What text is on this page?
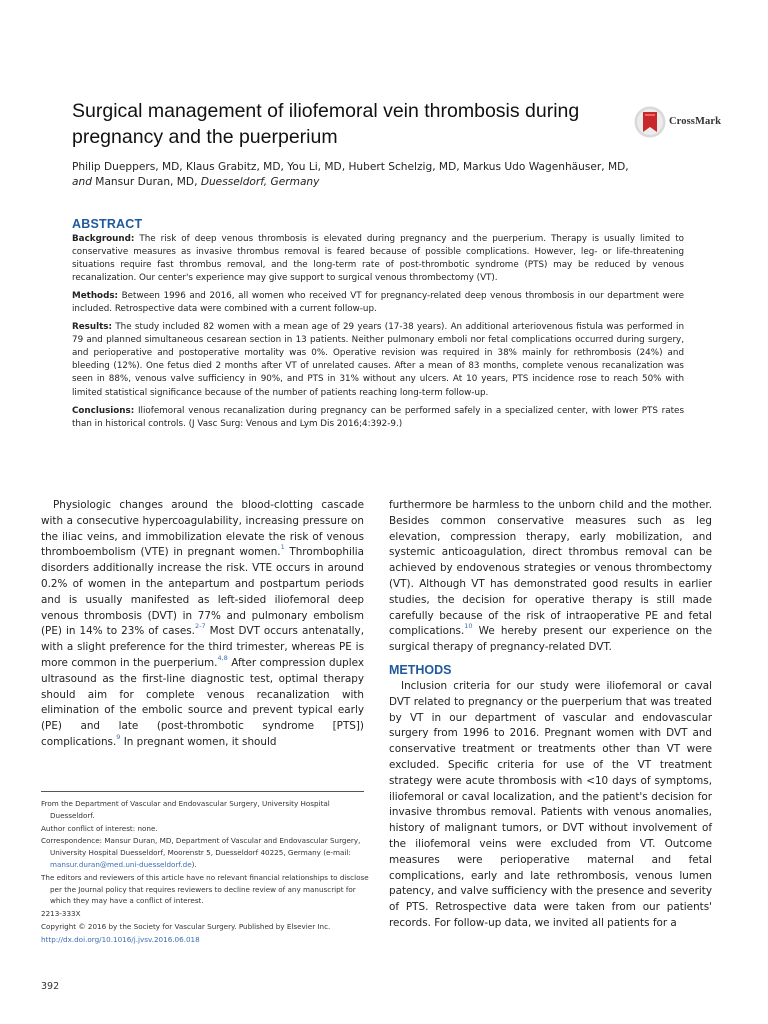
Surgical management of iliofemoral vein thrombosis during pregnancy and the puerperium
CrossMark
Philip Dueppers, MD, Klaus Grabitz, MD, You Li, MD, Hubert Schelzig, MD, Markus Udo Wagenhäuser, MD,
and Mansur Duran, MD, Duesseldorf, Germany
ABSTRACT

Background: The risk of deep venous thrombosis is elevated during pregnancy and the puerperium. Therapy is usually limited to conservative measures as invasive thrombus removal is feared because of possible complications. However, leg- or life-threatening situations require fast thrombus removal, and the long-term rate of post-thrombotic syndrome (PTS) may be reduced by venous recanalization. Our center's experience may give support to surgical venous thrombectomy (VT).

Methods: Between 1996 and 2016, all women who received VT for pregnancy-related deep venous thrombosis in our department were included. Retrospective data were combined with a current follow-up.

Results: The study included 82 women with a mean age of 29 years (17-38 years). An additional arteriovenous fistula was performed in 79 and planned simultaneous cesarean section in 13 patients. Neither pulmonary emboli nor fetal complications occurred during surgery, and perioperative and postoperative mortality was 0%. Operative revision was required in 38% mainly for rethrombosis (24%) and bleeding (12%). One fetus died 2 months after VT of unrelated causes. After a mean of 83 months, complete venous recanalization was seen in 88%, venous valve sufficiency in 90%, and PTS in 31% without any ulcers. At 10 years, PTS incidence rose to reach 50% with limited statistical significance because of the number of patients reaching long-term follow-up.

Conclusions: Iliofemoral venous recanalization during pregnancy can be performed safely in a specialized center, with lower PTS rates than in historical controls. (J Vasc Surg: Venous and Lym Dis 2016;4:392-9.)

Physiologic changes around the blood-clotting cascade with a consecutive hypercoagulability, increasing pressure on the iliac veins, and immobilization elevate the risk of venous thromboembolism (VTE) in pregnant women.$^1$ Thrombophilia disorders additionally increase the risk. VTE occurs in around 0.2% of women in the antepartum and postpartum periods and is usually manifested as left-sided iliofemoral deep venous thrombosis (DVT) in 77% and pulmonary embolism (PE) in 14% to 23% of cases.$^{2-7}$ Most DVT occurs antenatally, with a slight preference for the third trimester, whereas PE is more common in the puerperium.$^{4,8}$ After compression duplex ultrasound as the first-line diagnostic test, optimal therapy should aim for complete venous recanalization with elimination of the embolic source and prevent typical early (PE) and late (post-thrombotic syndrome [PTS]) complications.$^9$ In pregnant women, it should

furthermore be harmless to the unborn child and the mother. Besides common conservative measures such as leg elevation, compression therapy, early mobilization, and systemic anticoagulation, direct thrombus removal can be achieved by endovenous strategies or venous thrombectomy (VT). Although VT has demonstrated good results in earlier studies, the decision for operative therapy is still made carefully because of the risk of intraoperative PE and fetal complications.$^{10}$ We hereby present our experience on the surgical therapy of pregnancy-related DVT.

METHODS

Inclusion criteria for our study were iliofemoral or caval DVT related to pregnancy or the puerperium that was treated by VT in our department of vascular and endovascular surgery from 1996 to 2016. Pregnant women with DVT and conservative treatment or treatments other than VT were excluded. Specific criteria for use of the VT treatment strategy were acute thrombosis with <10 days of symptoms, iliofemoral or caval localization, and the patient's decision for invasive thrombus removal. Patients with venous anomalies, history of malignant tumors, or DVT without involvement of the iliofemoral veins were excluded from VT. Outcome measures were perioperative maternal and fetal complications, early and late rethrombosis, venous lumen patency, and valve sufficiency with the presence and severity of PTS. Retrospective data were taken from our patients' records. For follow-up data, we invited all patients for a

From the Department of Vascular and Endovascular Surgery, University Hospital Duesseldorf.

Author conflict of interest: none.

Correspondence: Mansur Duran, MD, Department of Vascular and Endovascular Surgery, University Hospital Duesseldorf, Moorenstr 5, Duesseldorf 40225, Germany (e-mail: mansur.duran@med.uni-duesseldorf.de).

The editors and reviewers of this article have no relevant financial relationships to disclose per the Journal policy that requires reviewers to decline review of any manuscript for which they may have a conflict of interest.

2213-333X

Copyright © 2016 by the Society for Vascular Surgery. Published by Elsevier Inc.

http://dx.doi.org/10.1016/j.jvsv.2016.06.018

392
